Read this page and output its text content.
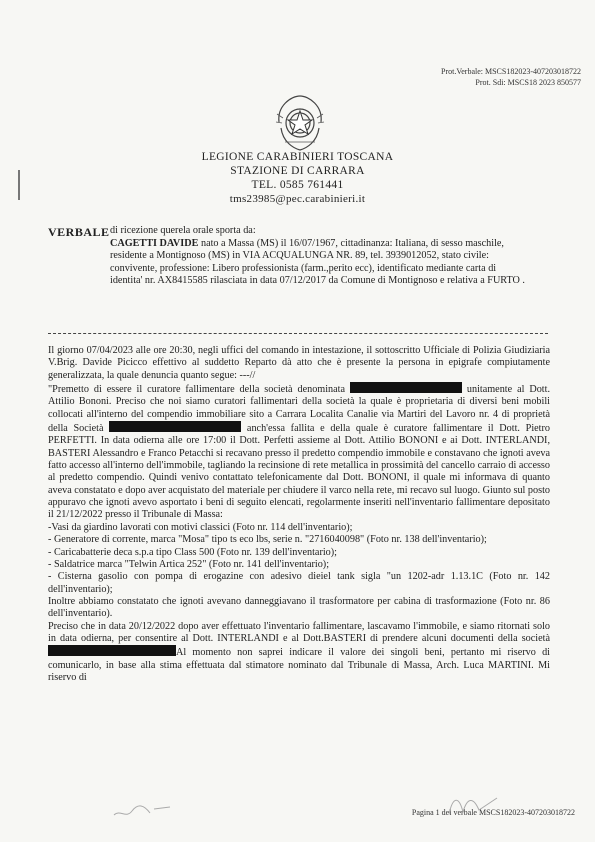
Prot.Verbale: MSCS182023-407203018722
Prot. Sdi: MSCS18 2023 850577
LEGIONE CARABINIERI TOSCANA
STAZIONE DI CARRARA
TEL. 0585 761441
tms23985@pec.carabinieri.it
VERBALE di ricezione querela orale sporta da:
CAGETTI DAVIDE nato a Massa (MS) il 16/07/1967, cittadinanza: Italiana, di sesso maschile, residente a Montignoso (MS) in VIA ACQUALUNGA NR. 89, tel. 3939012052, stato civile: convivente, professione: Libero professionista (farm.,perito ecc), identificato mediante carta di identita' nr. AX8415585 rilasciata in data 07/12/2017 da Comune di Montignoso e relativa a FURTO .

Il giorno 07/04/2023 alle ore 20:30, negli uffici del comando in intestazione, il sottoscritto Ufficiale di Polizia Giudiziaria V.Brig. Davide Picicco effettivo al suddetto Reparto dà atto che è presente la persona in epigrafe compiutamente generalizzata, la quale denuncia quanto segue: ---//

"Premetto di essere il curatore fallimentare della società denominata	unitamente al Dott. Attilio Bononi. Preciso che noi siamo curatori fallimentari della società la quale è proprietaria di diversi beni mobili collocati all'interno del compendio immobiliare sito a Carrara Localita Canalie via Martiri del Lavoro nr. 4 di proprietà della Società	anch'essa fallita e della quale è curatore fallimentare il Dott. Pietro PERFETTI. In data odierna alle ore 17:00 il Dott. Perfetti assieme al Dott. Attilio BONONI e ai Dott. INTERLANDI, BASTERI Alessandro e Franco Petacchi si recavano presso il predetto compendio immobile e constavano che ignoti aveva fatto accesso all'interno dell'immobile, tagliando la recinsione di rete metallica in prossimità del cancello carraio di accesso al predetto compendio. Quindi venivo contattato telefonicamente dal Dott. BONONI, il quale mi informava di quanto aveva constatato e dopo aver acquistato del materiale per chiudere il varco nella rete, mi recavo sul luogo. Giunto sul posto appuravo che ignoti avevo asportato i beni di seguito elencati, regolarmente inseriti nell'inventario fallimentare depositato il 21/12/2022 presso il Tribunale di Massa:

-Vasi da giardino lavorati con motivi classici (Foto nr. 114 dell'inventario);

- Generatore di corrente, marca "Mosa" tipo ts eco lbs, serie n. "2716040098" (Foto nr. 138 dell'inventario);

- Caricabatterie deca s.p.a tipo Class 500 (Foto nr. 139 dell'inventario);

- Saldatrice marca "Telwin Artica 252" (Foto nr. 141 dell'inventario);

- Cisterna gasolio con pompa di erogazine con adesivo dieiel tank sigla "un 1202-adr 1.13.1C (Foto nr. 142 dell'inventario);

Inoltre abbiamo constatato che ignoti avevano danneggiavano il trasformatore per cabina di trasformazione (Foto nr. 86 dell'inventario).

Preciso che in data 20/12/2022 dopo aver effettuato l'inventario fallimentare, lascavamo l'immobile, e siamo ritornati solo in data odierna, per consentire al Dott. INTERLANDI e al Dott.BASTERI di prendere alcuni documenti della società Al momento non saprei indicare il valore dei singoli beni, pertanto mi riservo di comunicarlo, in base alla stima effettuata dal stimatore nominato dal Tribunale di Massa, Arch. Luca MARTINI. Mi riservo di

Pagina 1 del verbale MSCS182023-407203018722
